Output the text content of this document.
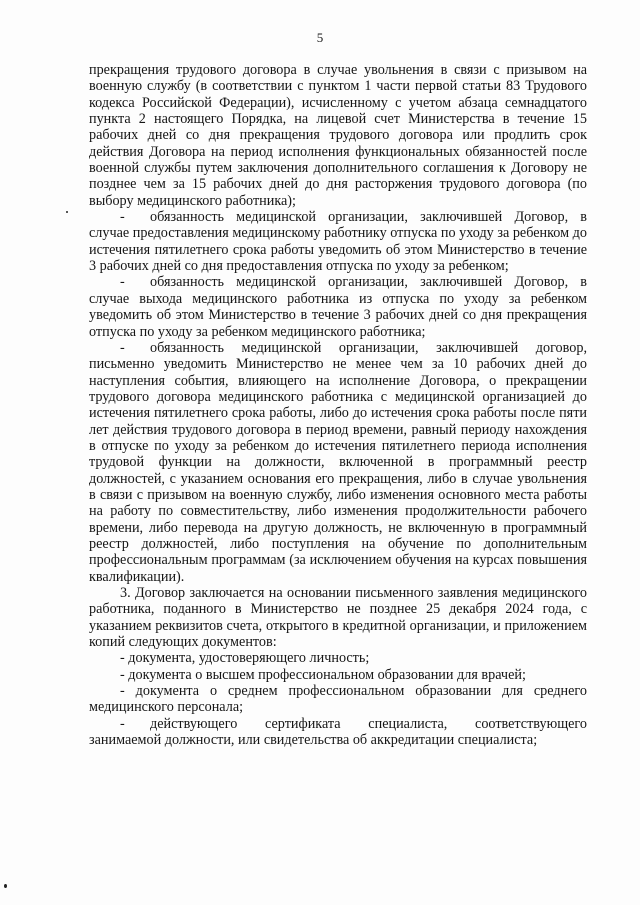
5

прекращения трудового договора в случае увольнения в связи с призывом на военную службу (в соответствии с пунктом 1 части первой статьи 83 Трудового кодекса Российской Федерации), исчисленному с учетом абзаца семнадцатого пункта 2 настоящего Порядка, на лицевой счет Министерства в течение 15 рабочих дней со дня прекращения трудового договора или продлить срок действия Договора на период исполнения функциональных обязанностей после военной службы путем заключения дополнительного соглашения к Договору не позднее чем за 15 рабочих дней до дня расторжения трудового договора (по выбору медицинского работника);

- обязанность медицинской организации, заключившей Договор, в случае предоставления медицинскому работнику отпуска по уходу за ребенком до истечения пятилетнего срока работы уведомить об этом Министерство в течение 3 рабочих дней со дня предоставления отпуска по уходу за ребенком;

- обязанность медицинской организации, заключившей Договор, в случае выхода медицинского работника из отпуска по уходу за ребенком уведомить об этом Министерство в течение 3 рабочих дней со дня прекращения отпуска по уходу за ребенком медицинского работника;

- обязанность медицинской организации, заключившей договор, письменно уведомить Министерство не менее чем за 10 рабочих дней до наступления события, влияющего на исполнение Договора, о прекращении трудового договора медицинского работника с медицинской организацией до истечения пятилетнего срока работы, либо до истечения срока работы после пяти лет действия трудового договора в период времени, равный периоду нахождения в отпуске по уходу за ребенком до истечения пятилетнего периода исполнения трудовой функции на должности, включенной в программный реестр должностей, с указанием основания его прекращения, либо в случае увольнения в связи с призывом на военную службу, либо изменения основного места работы на работу по совместительству, либо изменения продолжительности рабочего времени, либо перевода на другую должность, не включенную в программный реестр должностей, либо поступления на обучение по дополнительным профессиональным программам (за исключением обучения на курсах повышения квалификации).

3. Договор заключается на основании письменного заявления медицинского работника, поданного в Министерство не позднее 25 декабря 2024 года, с указанием реквизитов счета, открытого в кредитной организации, и приложением копий следующих документов:

- документа, удостоверяющего личность;

- документа о высшем профессиональном образовании для врачей;

- документа о среднем профессиональном образовании для среднего медицинского персонала;

- действующего сертификата специалиста, соответствующего занимаемой должности, или свидетельства об аккредитации специалиста;
